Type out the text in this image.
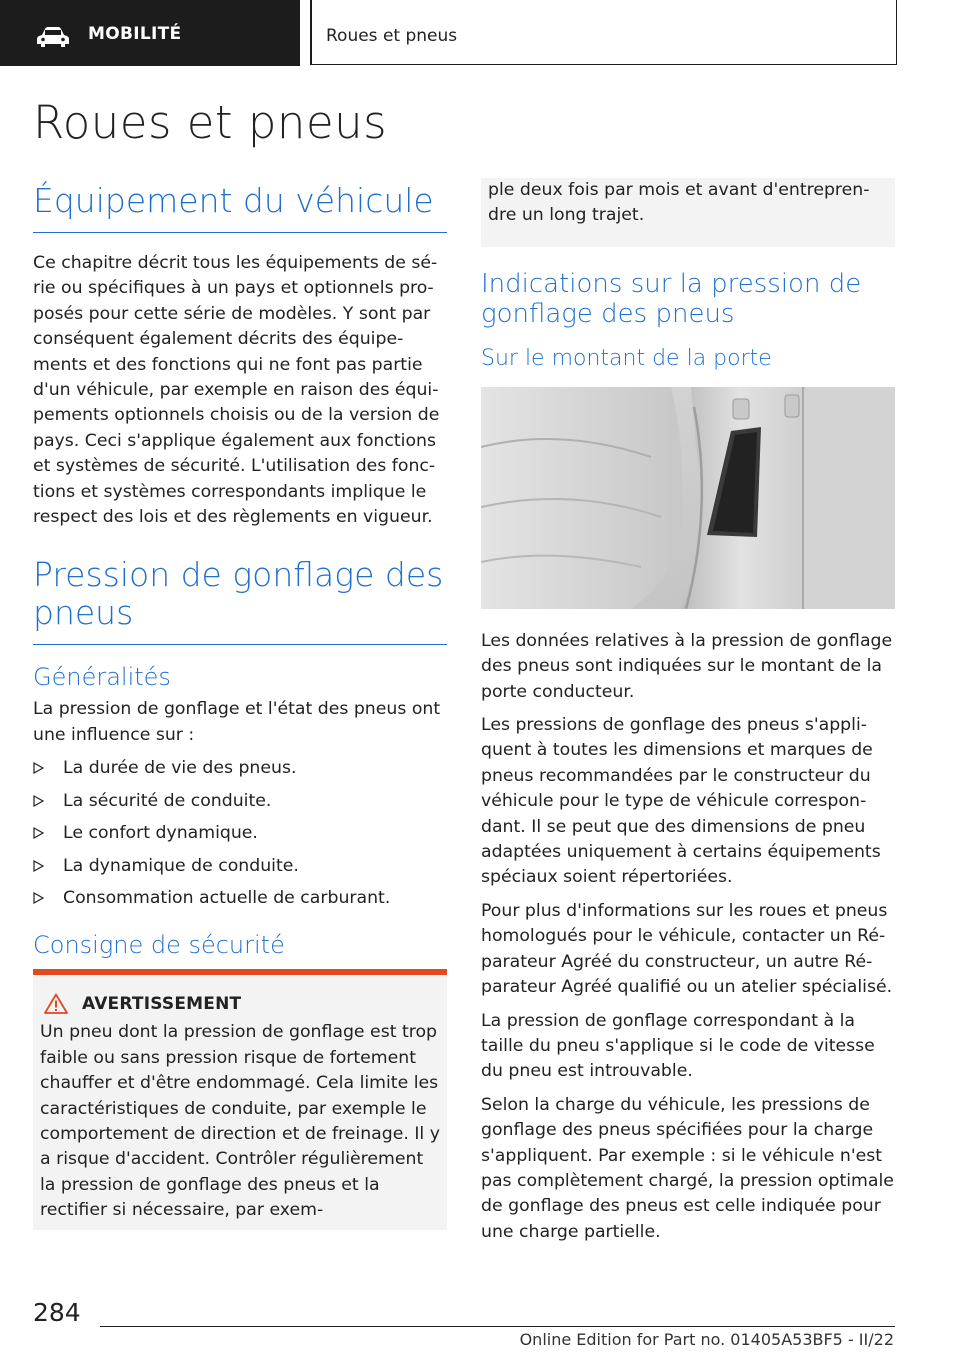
MOBILITÉ	Roues et pneus
Roues et pneus
Équipement du véhicule

Ce chapitre décrit tous les équipements de série ou spécifiques à un pays et optionnels proposés pour cette série de modèles. Y sont par conséquent également décrits des équipements et des fonctions qui ne font pas partie d'un véhicule, par exemple en raison des équipements optionnels choisis ou de la version de pays. Ceci s'applique également aux fonctions et systèmes de sécurité. L'utilisation des fonctions et systèmes correspondants implique le respect des lois et des règlements en vigueur.

Pression de gonflage des pneus
Généralités

La pression de gonflage et l'état des pneus ont une influence sur :

La durée de vie des pneus.
La sécurité de conduite.
Le confort dynamique.
La dynamique de conduite.
Consommation actuelle de carburant.
Consigne de sécurité
AVERTISSEMENT

Un pneu dont la pression de gonflage est trop faible ou sans pression risque de fortement chauffer et d'être endommagé. Cela limite les caractéristiques de conduite, par exemple le comportement de direction et de freinage. Il y a risque d'accident. Contrôler régulièrement la pression de gonflage des pneus et la rectifier si nécessaire, par exem-

ple deux fois par mois et avant d'entreprendre un long trajet.

Indications sur la pression de gonflage des pneus
Sur le montant de la porte

Les données relatives à la pression de gonflage des pneus sont indiquées sur le montant de la porte conducteur.

Les pressions de gonflage des pneus s'appliquent à toutes les dimensions et marques de pneus recommandées par le constructeur du véhicule pour le type de véhicule correspondant. Il se peut que des dimensions de pneu adaptées uniquement à certains équipements spéciaux soient répertoriées.

Pour plus d'informations sur les roues et pneus homologués pour le véhicule, contacter un Réparateur Agréé du constructeur, un autre Réparateur Agréé qualifié ou un atelier spécialisé.

La pression de gonflage correspondant à la taille du pneu s'applique si le code de vitesse du pneu est introuvable.

Selon la charge du véhicule, les pressions de gonflage des pneus spécifiées pour la charge s'appliquent. Par exemple : si le véhicule n'est pas complètement chargé, la pression optimale de gonflage des pneus est celle indiquée pour une charge partielle.

284
Online Edition for Part no. 01405A53BF5 - II/22
